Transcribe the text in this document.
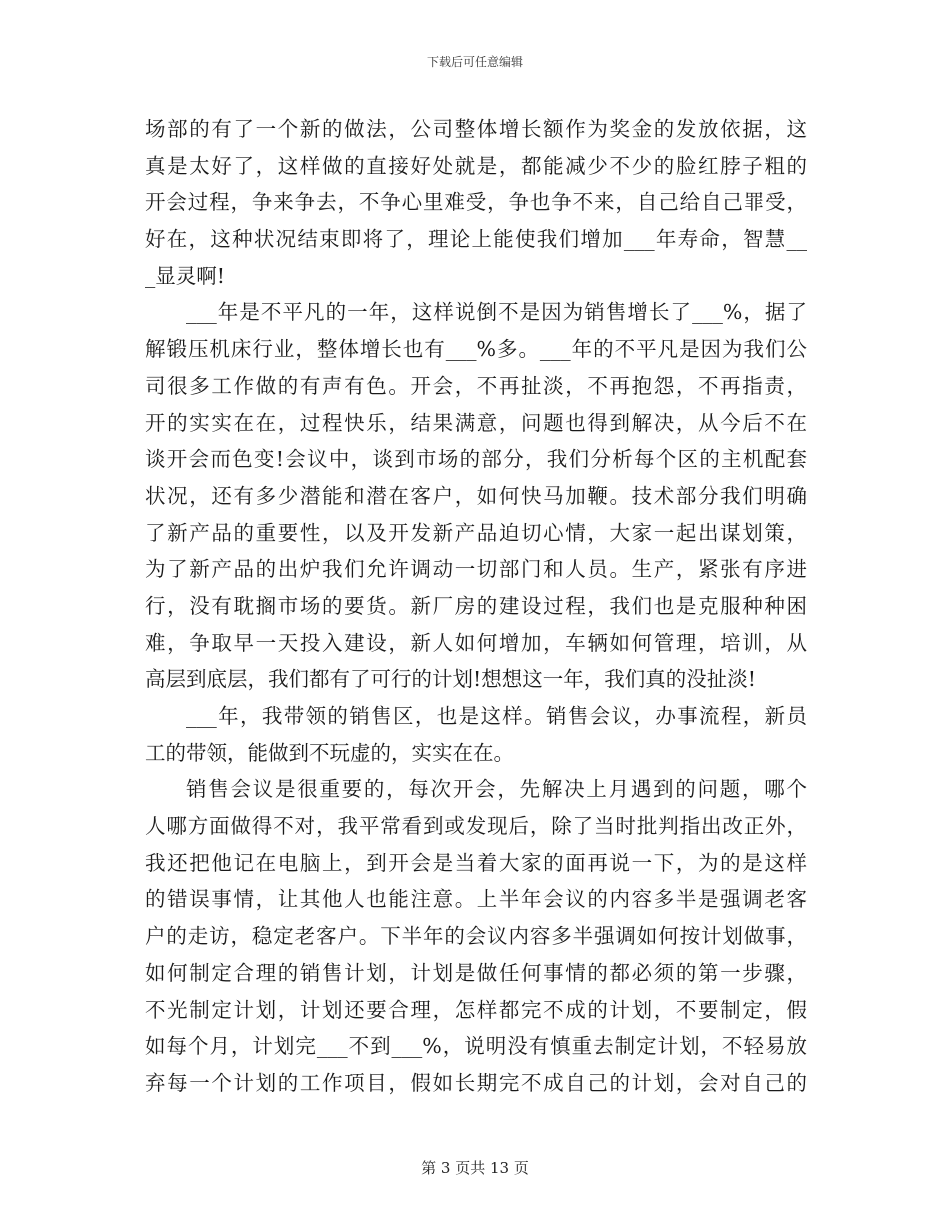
下载后可任意编辑
场部的有了一个新的做法，公司整体增长额作为奖金的发放依据，这
真是太好了，这样做的直接好处就是，都能减少不少的脸红脖子粗的
开会过程，争来争去，不争心里难受，争也争不来，自己给自己罪受，
好在，这种状况结束即将了，理论上能使我们增加___年寿命，智慧__
_显灵啊!
___年是不平凡的一年，这样说倒不是因为销售增长了___%，据了
解锻压机床行业，整体增长也有___%多。___年的不平凡是因为我们公
司很多工作做的有声有色。开会，不再扯淡，不再抱怨，不再指责，
开的实实在在，过程快乐，结果满意，问题也得到解决，从今后不在
谈开会而色变!会议中，谈到市场的部分，我们分析每个区的主机配套
状况，还有多少潜能和潜在客户，如何快马加鞭。技术部分我们明确
了新产品的重要性，以及开发新产品迫切心情，大家一起出谋划策，
为了新产品的出炉我们允许调动一切部门和人员。生产，紧张有序进
行，没有耽搁市场的要货。新厂房的建设过程，我们也是克服种种困
难，争取早一天投入建设，新人如何增加，车辆如何管理，培训，从
高层到底层，我们都有了可行的计划!想想这一年，我们真的没扯淡!
___年，我带领的销售区，也是这样。销售会议，办事流程，新员
工的带领，能做到不玩虚的，实实在在。
销售会议是很重要的，每次开会，先解决上月遇到的问题，哪个
人哪方面做得不对，我平常看到或发现后，除了当时批判指出改正外，
我还把他记在电脑上，到开会是当着大家的面再说一下，为的是这样
的错误事情，让其他人也能注意。上半年会议的内容多半是强调老客
户的走访，稳定老客户。下半年的会议内容多半强调如何按计划做事，
如何制定合理的销售计划，计划是做任何事情的都必须的第一步骤，
不光制定计划，计划还要合理，怎样都完不成的计划，不要制定，假
如每个月，计划完___不到___%，说明没有慎重去制定计划，不轻易放
弃每一个计划的工作项目，假如长期完不成自己的计划，会对自己的
第 3 页共 13 页
